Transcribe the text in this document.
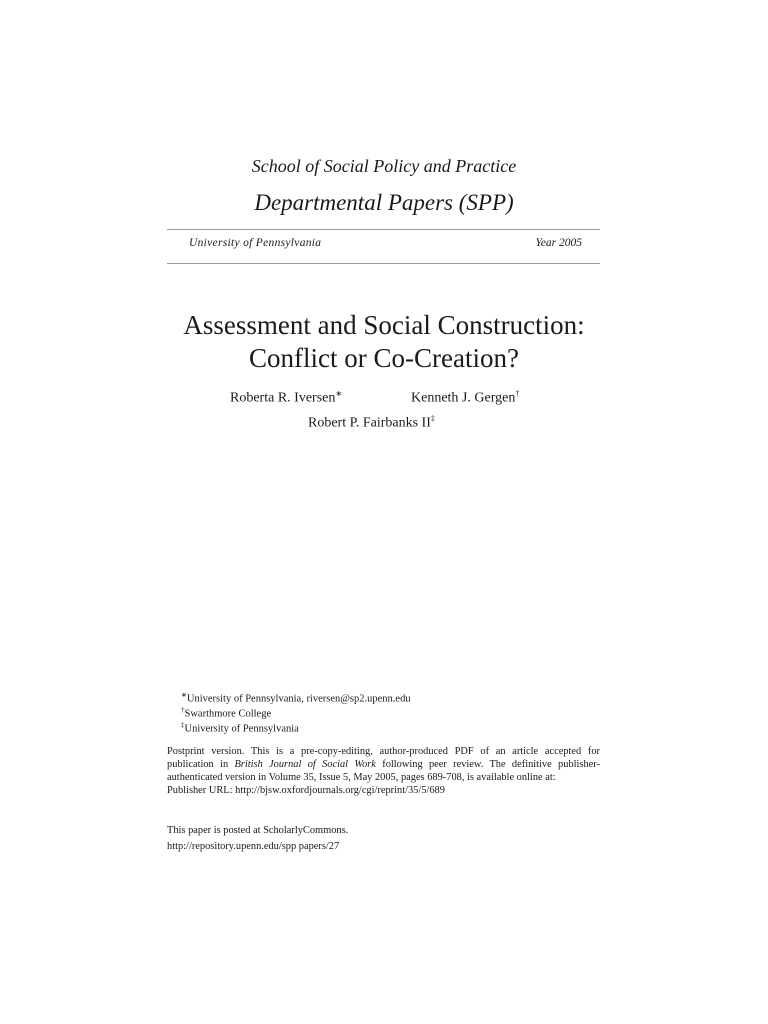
School of Social Policy and Practice
Departmental Papers (SPP)
University of Pennsylvania	Year 2005
Assessment and Social Construction:
Conflict or Co-Creation?
Roberta R. Iversen∗	Kenneth J. Gergen†
Robert P. Fairbanks II‡
∗University of Pennsylvania, riversen@sp2.upenn.edu
†Swarthmore College
‡University of Pennsylvania

Postprint version. This is a pre-copy-editing, author-produced PDF of an article accepted for publication in British Journal of Social Work following peer review. The definitive publisher-authenticated version in Volume 35, Issue 5, May 2005, pages 689-708, is available online at:

Publisher URL: http://bjsw.oxfordjournals.org/cgi/reprint/35/5/689

This paper is posted at ScholarlyCommons.
http://repository.upenn.edu/spp papers/27
